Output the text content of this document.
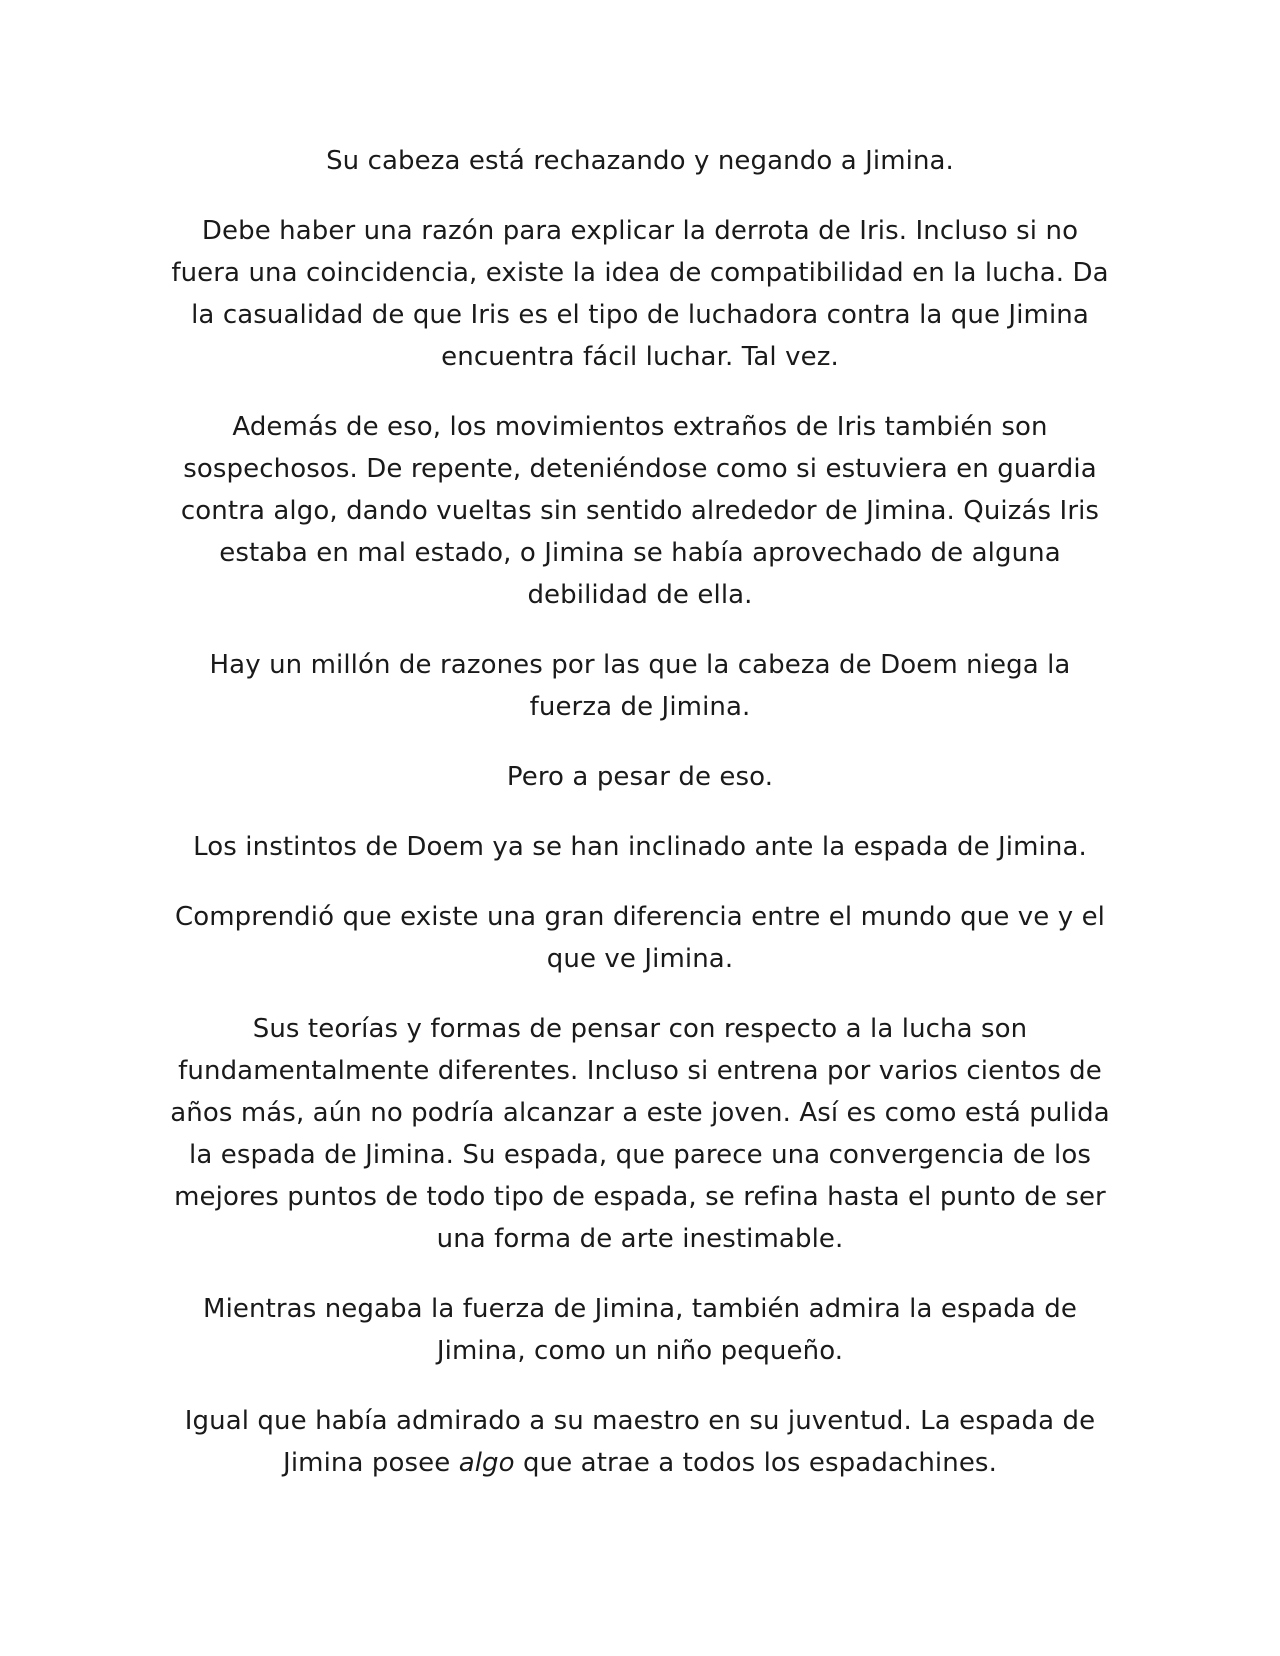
Su cabeza está rechazando y negando a Jimina.

Debe haber una razón para explicar la derrota de Iris. Incluso si no fuera una coincidencia, existe la idea de compatibilidad en la lucha. Da la casualidad de que Iris es el tipo de luchadora contra la que Jimina encuentra fácil luchar. Tal vez.

Además de eso, los movimientos extraños de Iris también son sospechosos. De repente, deteniéndose como si estuviera en guardia contra algo, dando vueltas sin sentido alrededor de Jimina. Quizás Iris estaba en mal estado, o Jimina se había aprovechado de alguna debilidad de ella.

Hay un millón de razones por las que la cabeza de Doem niega la fuerza de Jimina.

Pero a pesar de eso.

Los instintos de Doem ya se han inclinado ante la espada de Jimina.

Comprendió que existe una gran diferencia entre el mundo que ve y el que ve Jimina.

Sus teorías y formas de pensar con respecto a la lucha son fundamentalmente diferentes. Incluso si entrena por varios cientos de años más, aún no podría alcanzar a este joven. Así es como está pulida la espada de Jimina. Su espada, que parece una convergencia de los mejores puntos de todo tipo de espada, se refina hasta el punto de ser una forma de arte inestimable.

Mientras negaba la fuerza de Jimina, también admira la espada de Jimina, como un niño pequeño.

Igual que había admirado a su maestro en su juventud. La espada de Jimina posee algo que atrae a todos los espadachines.
